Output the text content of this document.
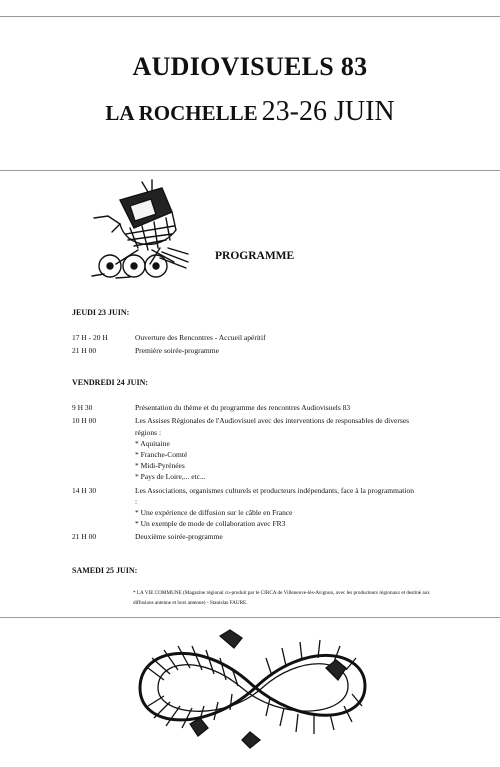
AUDIOVISUELS 83
LA ROCHELLE 23-26 JUIN
PROGRAMME
JEUDI 23 JUIN:
17 H - 20 H	Ouverture des Rencontres - Accueil apéritif
21 H 00	Première soirée-programme
VENDREDI 24 JUIN:
9 H 30	Présentation du thème et du programme des rencontres Audiovisuels 83
10 H 00	Les Assises Régionales de l'Audiovisuel avec des interventions de responsables de diverses
régions :
* Aquitaine
* Franche-Comté
* Midi-Pyrénées
* Pays de Loire,... etc...
14 H 30	Les Associations, organismes culturels et producteurs indépendants, face à la programmation
:
* Une expérience de diffusion sur le câble en France
* Un exemple de mode de collaboration avec FR3
21 H 00	Deuxième soirée-programme
SAMEDI 25 JUIN:
* LA VIE COMMUNE (Magazine régional co-produit par le CIRCA de Villeneuve-lès-Avignon, avec les producteurs régionaux et destiné aux diffusions antenne et hors antenne) - Stanislas FAURE.
